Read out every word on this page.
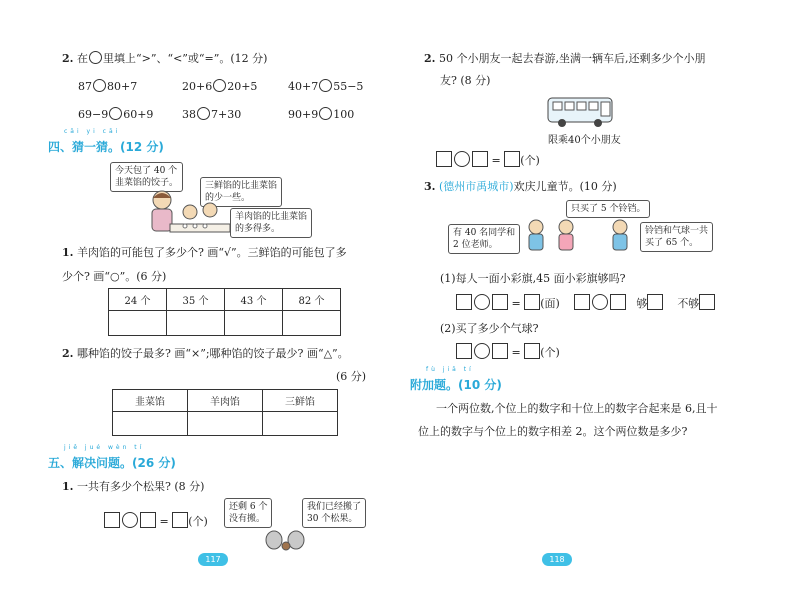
2. 在 里填上“>”、“<”或“=”。(12 分)
87 80+7	20+6 20+5	40+7 55−5
69−9 60+9	38 7+30	90+9 100
cāi yi cāi
四、猜一猜。(12 分)
今天包了 40 个
韭菜馅的饺子。	三鲜馅的比韭菜馅
的少一些。
羊肉馅的比韭菜馅
的多得多。
1. 羊肉馅的可能包了多少个? 画“√”。三鲜馅的可能包了多
少个? 画“○”。(6 分)
24 个	35 个	43 个	82 个

2. 哪种馅的饺子最多? 画“×”;哪种馅的饺子最少? 画“△”。
(6 分)
韭菜馅	羊肉馅	三鲜馅

jiě jué wèn tí
五、解决问题。(26 分)
1. 一共有多少个松果? (8 分)
还剩 6 个
没有搬。
我们已经搬了
30 个松果。
= (个)
117
2. 50 个小朋友一起去春游,坐满一辆车后,还剩多少个小朋
友? (8 分)
限乘40个小朋友
= (个)
3. (德州市禹城市)欢庆儿童节。(10 分)
有 40 名同学和
2 位老师。
只买了 5 个铃铛。
铃铛和气球一共
买了 65 个。
(1)每人一面小彩旗,45 面小彩旗够吗?
= (面)	够	不够
(2)买了多少个气球?
= (个)
fù jiā tí
附加题。(10 分)
一个两位数,个位上的数字和十位上的数字合起来是 6,且十
位上的数字与个位上的数字相差 2。这个两位数是多少?
118
